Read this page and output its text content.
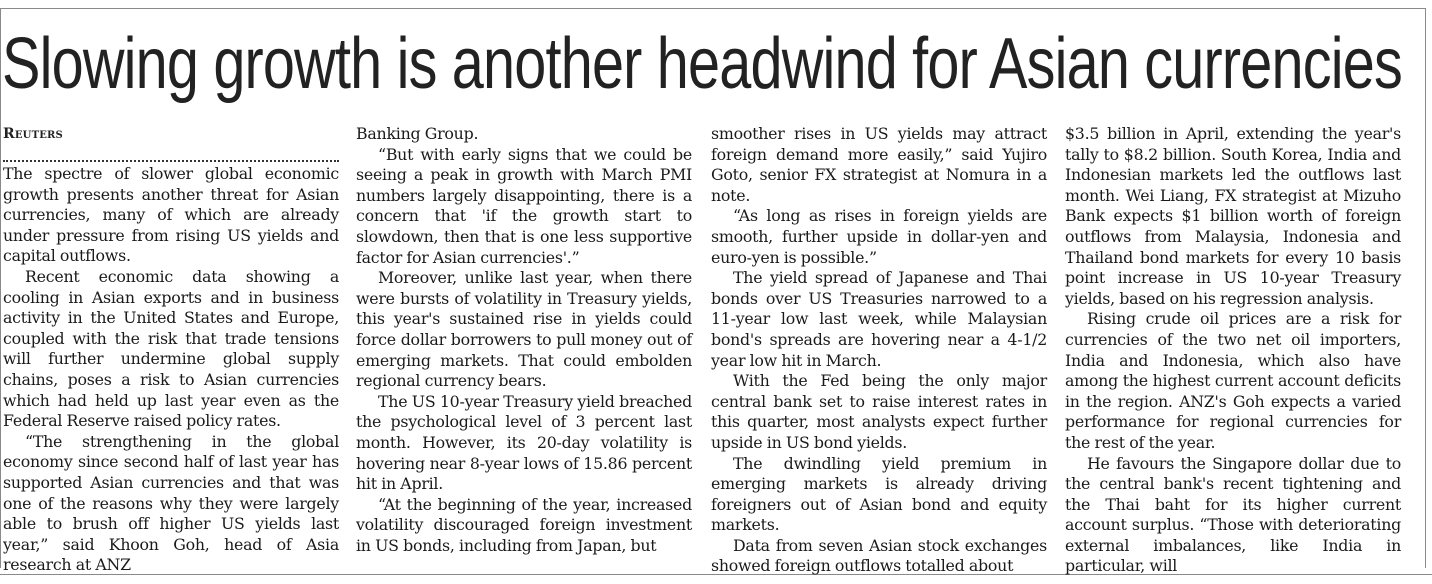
Slowing growth is another headwind for Asian currencies
Reuters

The spectre of slower global economic growth presents another threat for Asian currencies, many of which are already under pressure from rising US yields and capital outflows.

Recent economic data showing a cooling in Asian exports and in business activity in the United States and Europe, coupled with the risk that trade tensions will further undermine global supply chains, poses a risk to Asian currencies which had held up last year even as the Federal Reserve raised policy rates.

“The strengthening in the global economy since second half of last year has supported Asian currencies and that was one of the reasons why they were largely able to brush off higher US yields last year,” said Khoon Goh, head of Asia research at ANZ

Banking Group.

“But with early signs that we could be seeing a peak in growth with March PMI numbers largely disappointing, there is a concern that 'if the growth start to slowdown, then that is one less supportive factor for Asian currencies'.”

Moreover, unlike last year, when there were bursts of volatility in Treasury yields, this year's sustained rise in yields could force dollar borrowers to pull money out of emerging markets. That could embolden regional currency bears.

The US 10-year Treasury yield breached the psychological level of 3 percent last month. However, its 20-day volatility is hovering near 8-year lows of 15.86 percent hit in April.

“At the beginning of the year, increased volatility discouraged foreign investment in US bonds, including from Japan, but

smoother rises in US yields may attract foreign demand more easily,” said Yujiro Goto, senior FX strategist at Nomura in a note.

“As long as rises in foreign yields are smooth, further upside in dollar-yen and euro-yen is possible.”

The yield spread of Japanese and Thai bonds over US Treasuries narrowed to a 11-year low last week, while Malaysian bond's spreads are hovering near a 4-1/2 year low hit in March.

With the Fed being the only major central bank set to raise interest rates in this quarter, most analysts expect further upside in US bond yields.

The dwindling yield premium in emerging markets is already driving foreigners out of Asian bond and equity markets.

Data from seven Asian stock exchanges showed foreign outflows totalled about

$3.5 billion in April, extending the year's tally to $8.2 billion. South Korea, India and Indonesian markets led the outflows last month. Wei Liang, FX strategist at Mizuho Bank expects $1 billion worth of foreign outflows from Malaysia, Indonesia and Thailand bond markets for every 10 basis point increase in US 10-year Treasury yields, based on his regression analysis.

Rising crude oil prices are a risk for currencies of the two net oil importers, India and Indonesia, which also have among the highest current account deficits in the region. ANZ's Goh expects a varied performance for regional currencies for the rest of the year.

He favours the Singapore dollar due to the central bank's recent tightening and the Thai baht for its higher current account surplus. “Those with deteriorating external imbalances, like India in particular, will
